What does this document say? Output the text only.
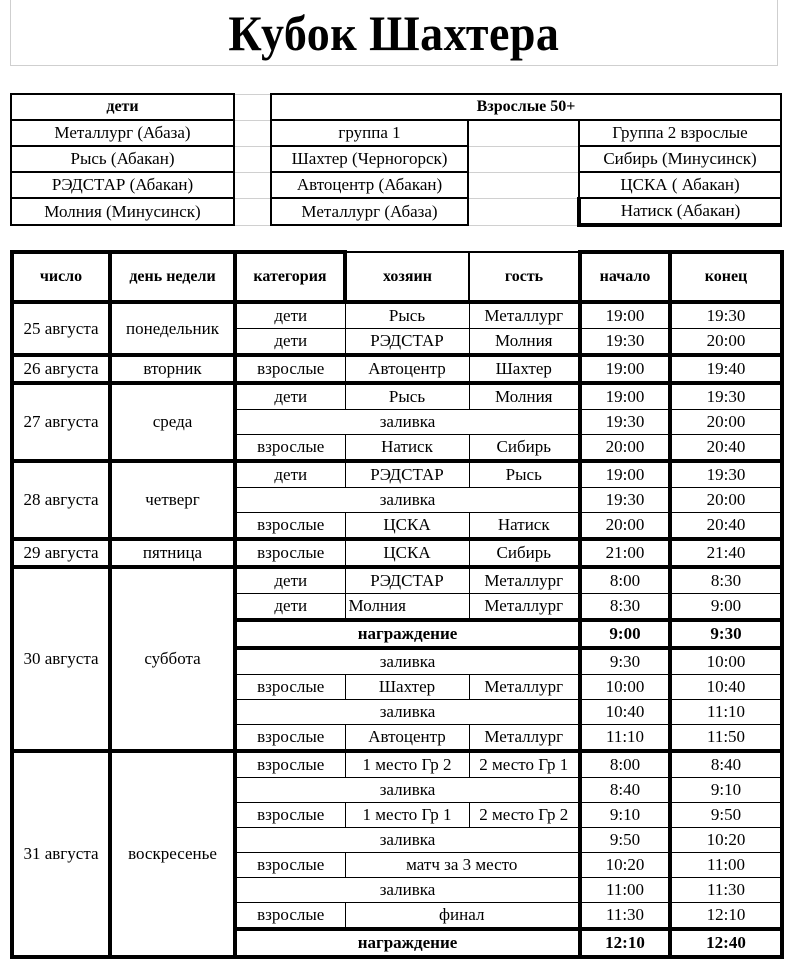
Кубок Шахтера
дети		Взрослые 50+		
Металлург (Абаза)		группа 1		Группа 2 взрослые
Рысь (Абакан)		Шахтер (Черногорск)		Сибирь (Минусинск)
РЭДСТАР (Абакан)		Автоцентр (Абакан)		ЦСКА ( Абакан)
Молния (Минусинск)		Металлург (Абаза)		Натиск (Абакан)
число	день недели	категория	хозяин	гость	начало	конец
25 августа	понедельник	дети	Рысь	Металлург	19:00	19:30
		дети	РЭДСТАР	Молния	19:30	20:00
26 августа	вторник	взрослые	Автоцентр	Шахтер	19:00	19:40
27 августа	среда	дети	Рысь	Молния	19:00	19:30
		заливка			19:30	20:00
		взрослые	Натиск	Сибирь	20:00	20:40
28 августа	четверг	дети	РЭДСТАР	Рысь	19:00	19:30
		заливка			19:30	20:00
		взрослые	ЦСКА	Натиск	20:00	20:40
29 августа	пятница	взрослые	ЦСКА	Сибирь	21:00	21:40
30 августа	суббота	дети	РЭДСТАР	Металлург	8:00	8:30
		дети	Молния	Металлург	8:30	9:00
		награждение			9:00	9:30
		заливка			9:30	10:00
		взрослые	Шахтер	Металлург	10:00	10:40
		заливка			10:40	11:10
		взрослые	Автоцентр	Металлург	11:10	11:50
31 августа	воскресенье	взрослые	1 место Гр 2	2 место Гр 1	8:00	8:40
		заливка			8:40	9:10
		взрослые	1 место Гр 1	2 место Гр 2	9:10	9:50
		заливка			9:50	10:20
		взрослые	матч за 3 место		10:20	11:00
		заливка			11:00	11:30
		взрослые	финал		11:30	12:10
		награждение			12:10	12:40
